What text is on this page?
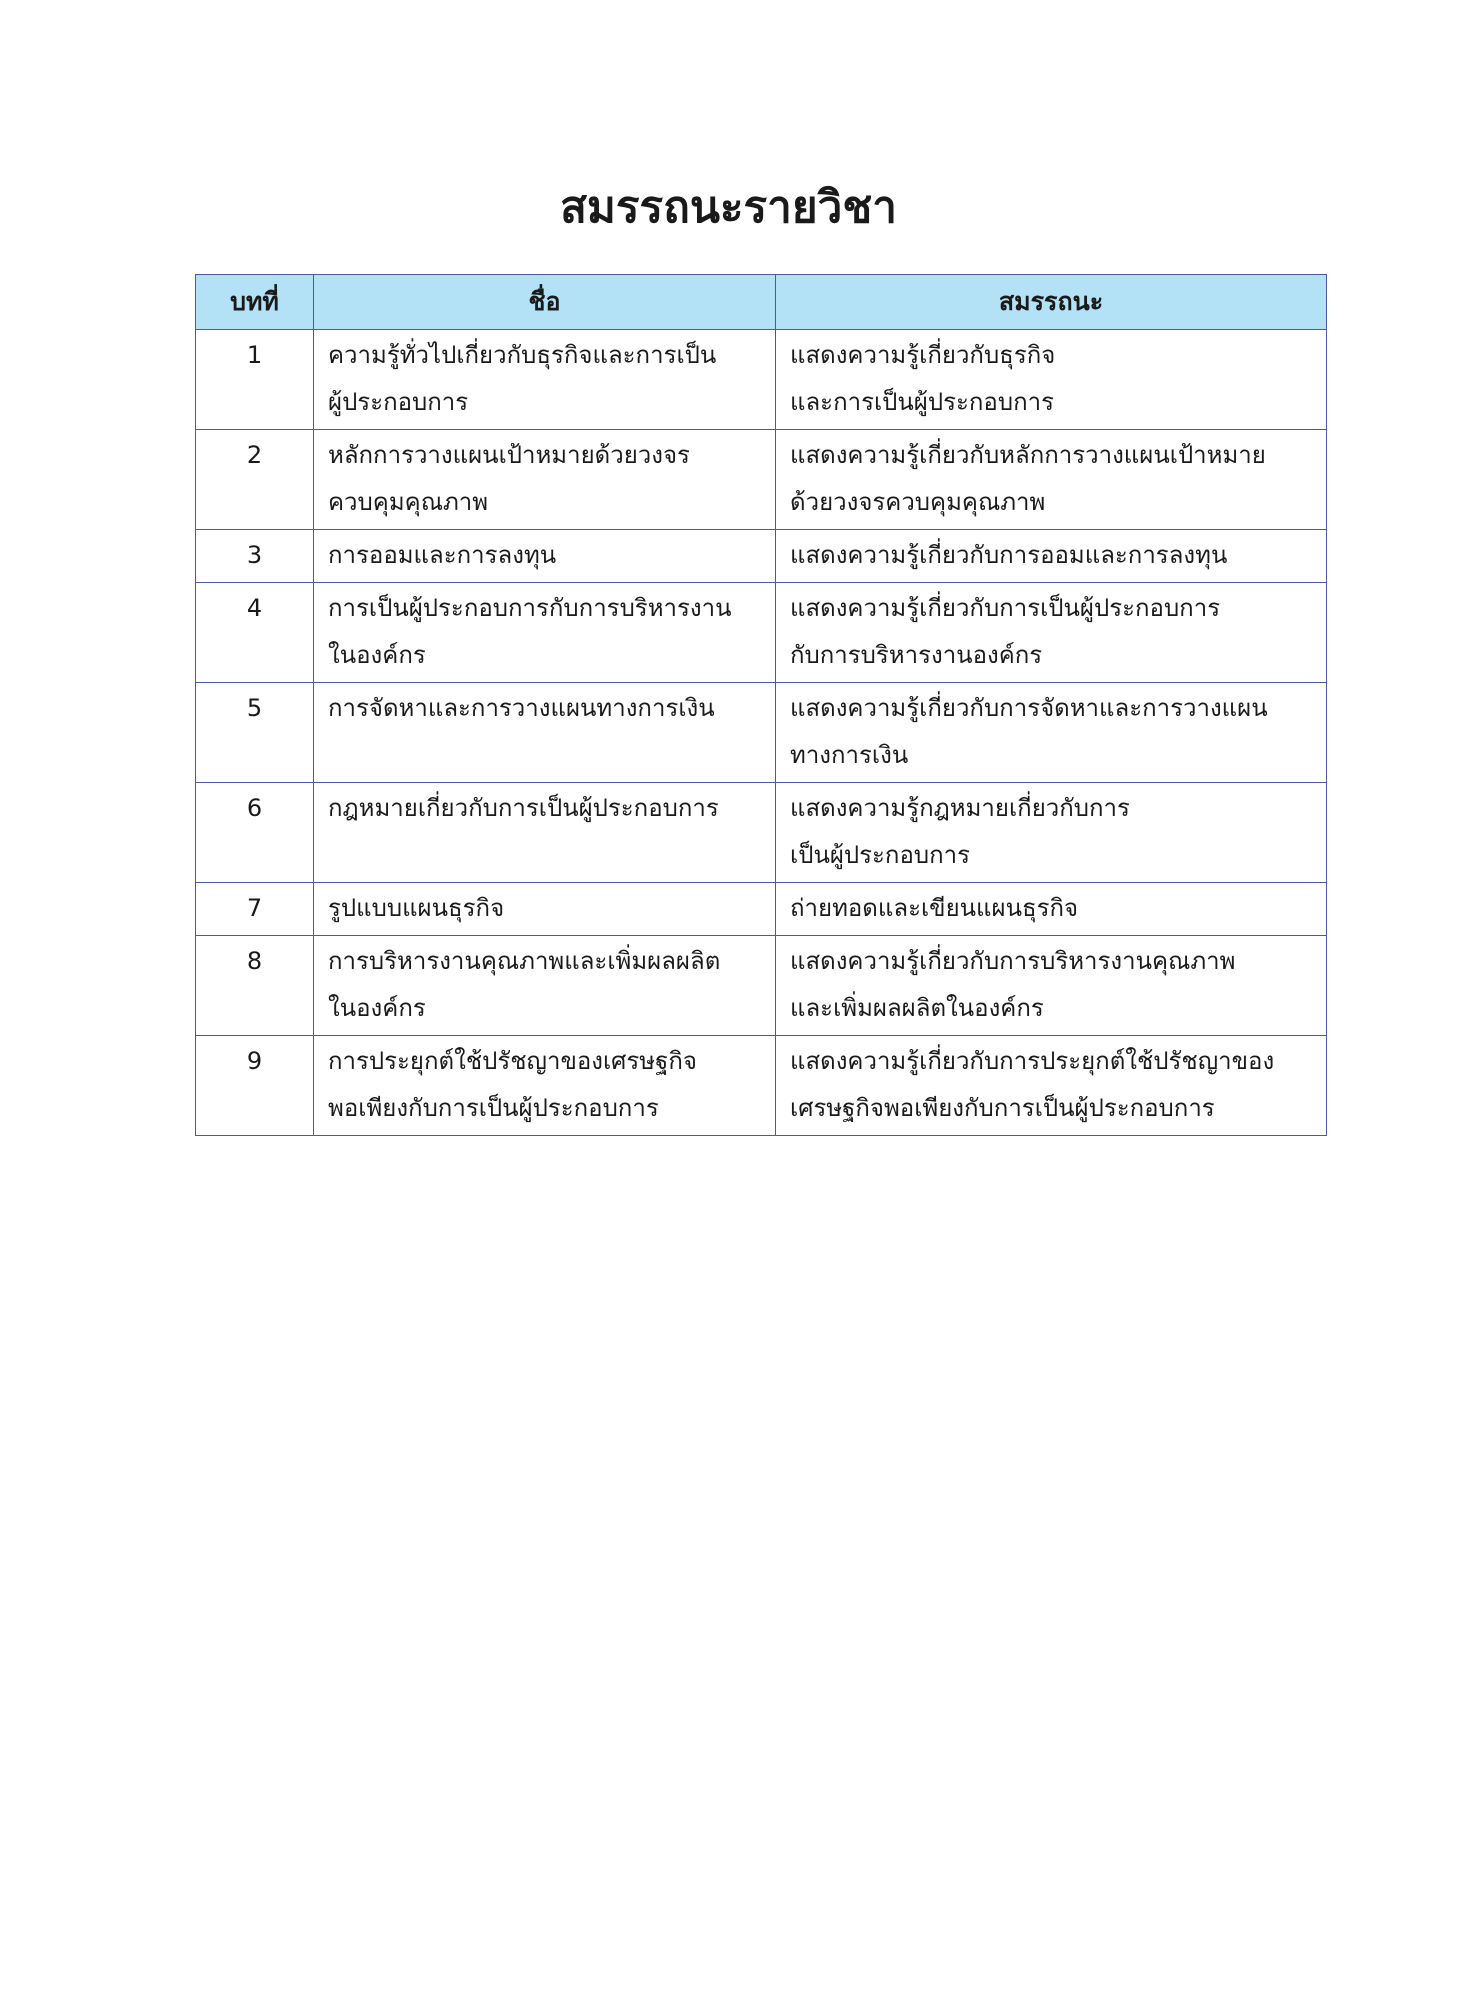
สมรรถนะรายวิชา
บทที่	ชื่อ	สมรรถนะ
1	ความรู้ทั่วไปเกี่ยวกับธุรกิจและการเป็น
ผู้ประกอบการ	แสดงความรู้เกี่ยวกับธุรกิจ
และการเป็นผู้ประกอบการ
2	หลักการวางแผนเป้าหมายด้วยวงจร
ควบคุมคุณภาพ	แสดงความรู้เกี่ยวกับหลักการวางแผนเป้าหมาย
ด้วยวงจรควบคุมคุณภาพ
3	การออมและการลงทุน	แสดงความรู้เกี่ยวกับการออมและการลงทุน
4	การเป็นผู้ประกอบการกับการบริหารงาน
ในองค์กร	แสดงความรู้เกี่ยวกับการเป็นผู้ประกอบการ
กับการบริหารงานองค์กร
5	การจัดหาและการวางแผนทางการเงิน	แสดงความรู้เกี่ยวกับการจัดหาและการวางแผน
ทางการเงิน
6	กฎหมายเกี่ยวกับการเป็นผู้ประกอบการ	แสดงความรู้กฎหมายเกี่ยวกับการ
เป็นผู้ประกอบการ
7	รูปแบบแผนธุรกิจ	ถ่ายทอดและเขียนแผนธุรกิจ
8	การบริหารงานคุณภาพและเพิ่มผลผลิต
ในองค์กร	แสดงความรู้เกี่ยวกับการบริหารงานคุณภาพ
และเพิ่มผลผลิตในองค์กร
9	การประยุกต์ใช้ปรัชญาของเศรษฐกิจ
พอเพียงกับการเป็นผู้ประกอบการ	แสดงความรู้เกี่ยวกับการประยุกต์ใช้ปรัชญาของ
เศรษฐกิจพอเพียงกับการเป็นผู้ประกอบการ
